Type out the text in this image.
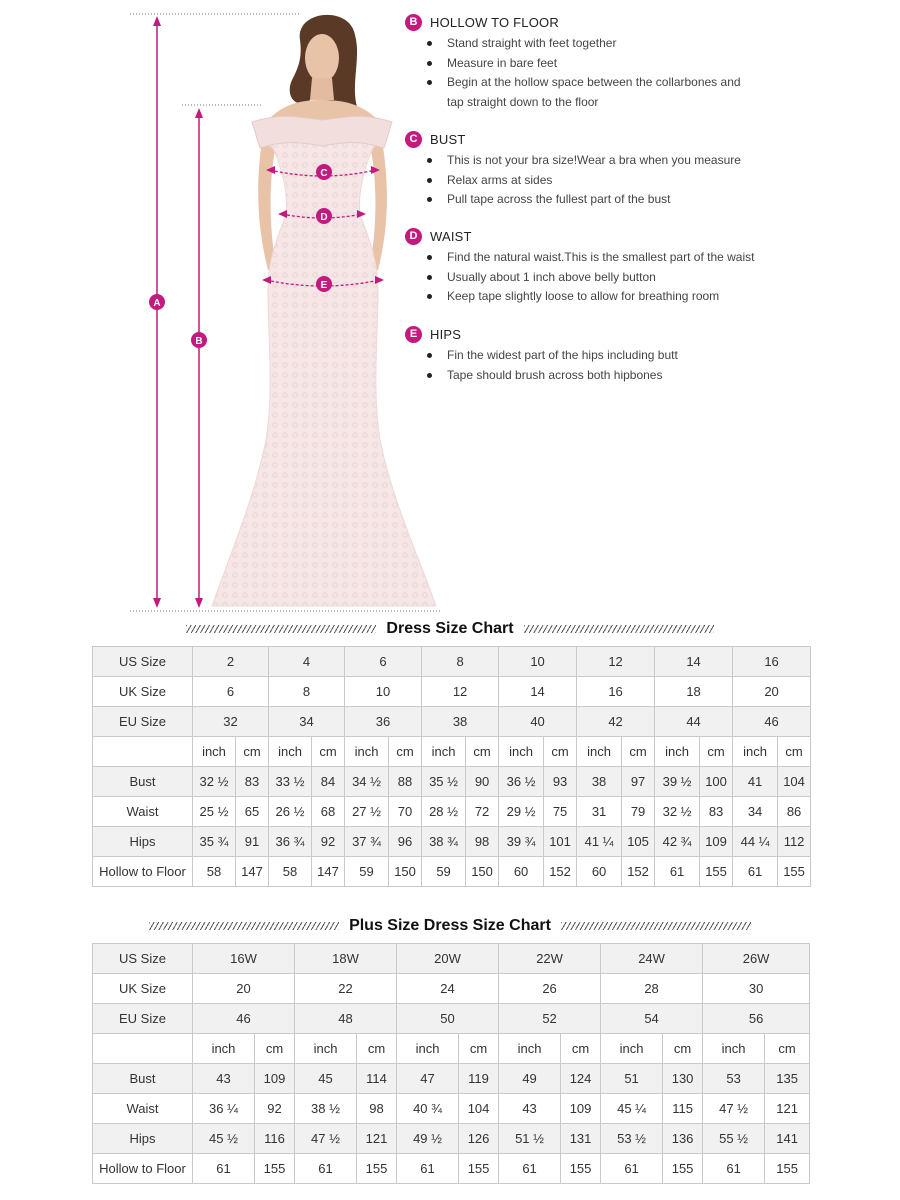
A
B
C
D
E
B HOLLOW TO FLOOR
Stand straight with feet together
Measure in bare feet
Begin at the hollow space between the collarbones and
tap straight down to the floor
C BUST
This is not your bra size!Wear a bra when you measure
Relax arms at sides
Pull tape across the fullest part of the bust
D WAIST
Find the natural waist.This is the smallest part of the waist
Usually about 1 inch above belly button
Keep tape slightly loose to allow for breathing room
E HIPS
Fin the widest part of the hips including butt
Tape should brush across both hipbones
Dress Size Chart
US Size	2		4		6		8		10		12		14		16	
UK Size	6		8		10		12		14		16		18		20	
EU Size	32		34		36		38		40		42		44		46	
	inch	cm	inch	cm	inch	cm	inch	cm	inch	cm	inch	cm	inch	cm	inch	cm
Bust	32 ½	83	33 ½	84	34 ½	88	35 ½	90	36 ½	93	38	97	39 ½	100	41	104
Waist	25 ½	65	26 ½	68	27 ½	70	28 ½	72	29 ½	75	31	79	32 ½	83	34	86
Hips	35 ¾	91	36 ¾	92	37 ¾	96	38 ¾	98	39 ¾	101	41 ¼	105	42 ¾	109	44 ¼	112
Hollow to Floor	58	147	58	147	59	150	59	150	60	152	60	152	61	155	61	155
Plus Size Dress Size Chart
US Size	16W		18W		20W		22W		24W		26W	
UK Size	20		22		24		26		28		30	
EU Size	46		48		50		52		54		56	
	inch	cm	inch	cm	inch	cm	inch	cm	inch	cm	inch	cm
Bust	43	109	45	114	47	119	49	124	51	130	53	135
Waist	36 ¼	92	38 ½	98	40 ¾	104	43	109	45 ¼	115	47 ½	121
Hips	45 ½	116	47 ½	121	49 ½	126	51 ½	131	53 ½	136	55 ½	141
Hollow to Floor	61	155	61	155	61	155	61	155	61	155	61	155
